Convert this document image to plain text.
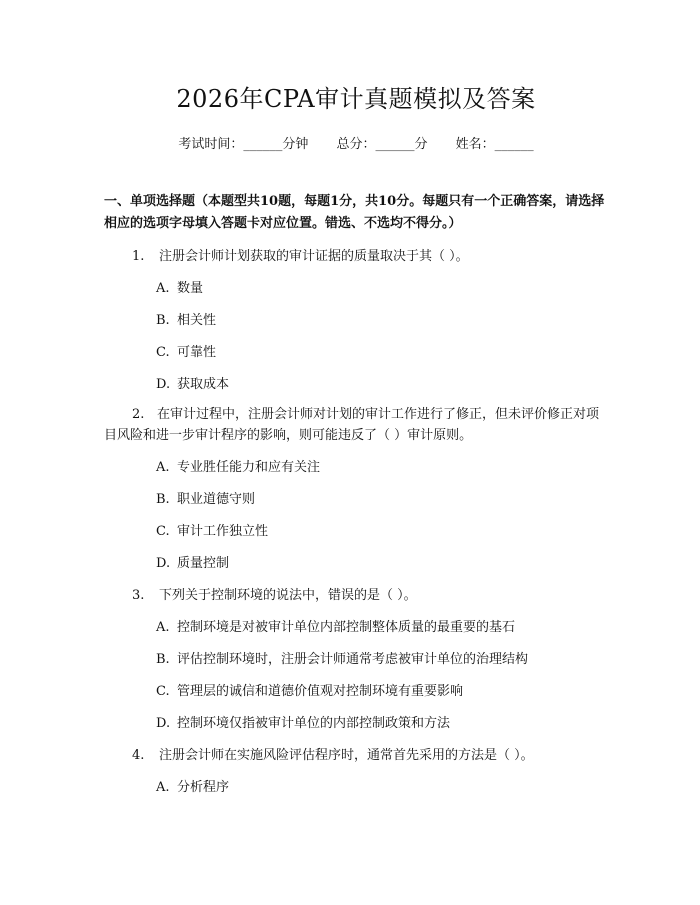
2026年CPA审计真题模拟及答案
考试时间：______分钟 总分：______分 姓名：______
一、单项选择题（本题型共10题，每题1分，共10分。每题只有一个正确答案，请选择相应的选项字母填入答题卡对应位置。错选、不选均不得分。）
1. 注册会计师计划获取的审计证据的质量取决于其（ ）。
A. 数量
B. 相关性
C. 可靠性
D. 获取成本
2. 在审计过程中，注册会计师对计划的审计工作进行了修正，但未评价修正对项目风险和进一步审计程序的影响，则可能违反了（ ）审计原则。
A. 专业胜任能力和应有关注
B. 职业道德守则
C. 审计工作独立性
D. 质量控制
3. 下列关于控制环境的说法中，错误的是（ ）。
A. 控制环境是对被审计单位内部控制整体质量的最重要的基石
B. 评估控制环境时，注册会计师通常考虑被审计单位的治理结构
C. 管理层的诚信和道德价值观对控制环境有重要影响
D. 控制环境仅指被审计单位的内部控制政策和方法
4. 注册会计师在实施风险评估程序时，通常首先采用的方法是（ ）。
A. 分析程序
